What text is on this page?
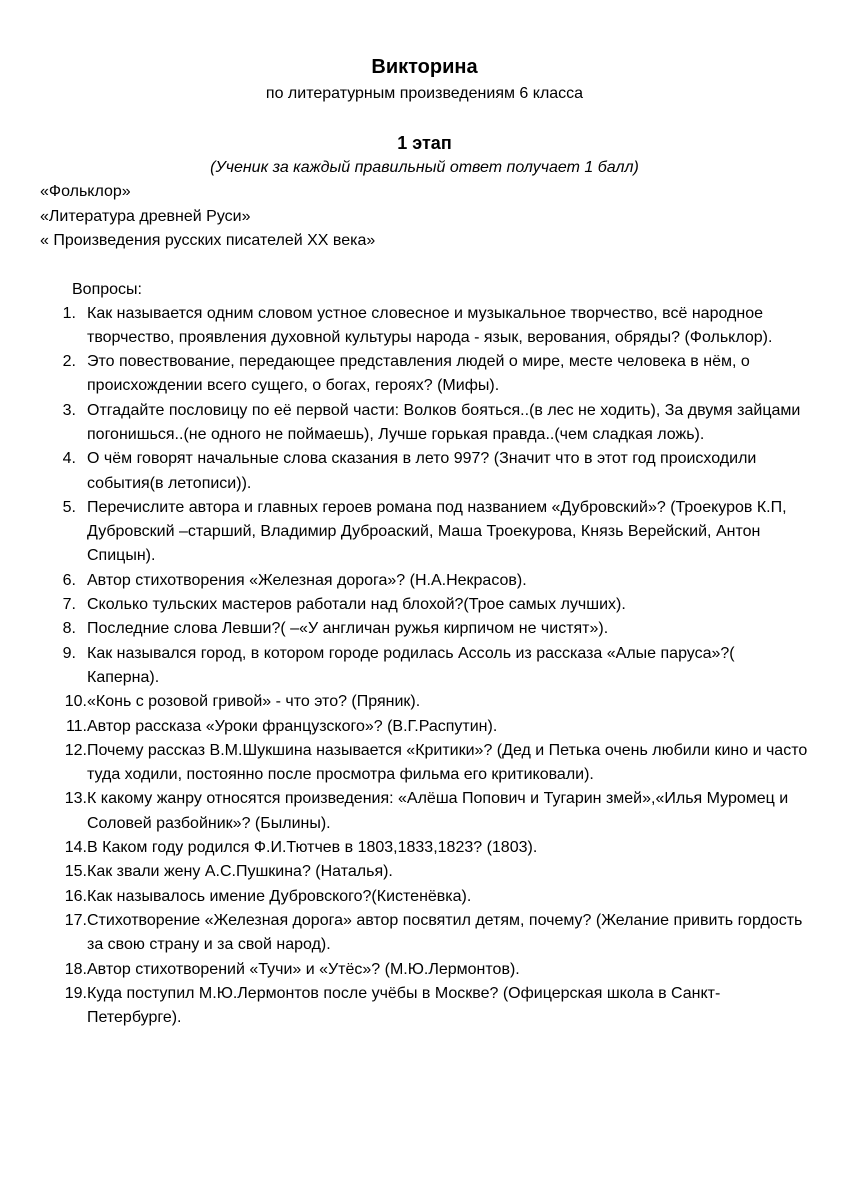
Викторина

по литературным произведениям 6 класса

1 этап

(Ученик за каждый правильный ответ получает 1 балл)

«Фольклор»
«Литература древней Руси»
« Произведения русских писателей XX века»

Вопросы:

1. Как называется одним словом устное словесное и музыкальное творчество, всё народное творчество, проявления духовной культуры народа - язык, верования, обряды? (Фольклор).
2. Это повествование, передающее представления людей о мире, месте человека в нём, о происхождении всего сущего, о богах, героях? (Мифы).
3. Отгадайте пословицу по её первой части: Волков бояться..(в лес не ходить), За двумя зайцами погонишься..(не одного не поймаешь), Лучше горькая правда..(чем сладкая ложь).
4. О чём говорят начальные слова сказания в лето 997? (Значит что в этот год происходили события(в летописи)).
5. Перечислите автора и главных героев романа под названием «Дубровский»? (Троекуров К.П, Дубровский –старший, Владимир Дуброаский, Маша Троекурова, Князь Верейский, Антон Спицын).
6. Автор стихотворения «Железная дорога»? (Н.А.Некрасов).
7. Сколько тульских мастеров работали над блохой?(Трое самых лучших).
8. Последние слова Левши?( –«У англичан ружья кирпичом не чистят»).
9. Как назывался город, в котором городе родилась Ассоль из рассказа «Алые паруса»?( Каперна).
10. «Конь с розовой гривой» - что это? (Пряник).
11. Автор рассказа «Уроки французского»? (В.Г.Распутин).
12. Почему рассказ В.М.Шукшина называется «Критики»? (Дед и Петька очень любили кино и часто туда ходили, постоянно после просмотра фильма его критиковали).
13. К какому жанру относятся произведения: «Алёша Попович и Тугарин змей»,«Илья Муромец и Соловей разбойник»? (Былины).
14. В Каком году родился Ф.И.Тютчев в 1803,1833,1823? (1803).
15. Как звали жену А.С.Пушкина? (Наталья).
16. Как называлось имение Дубровского?(Кистенёвка).
17. Стихотворение «Железная дорога» автор посвятил детям, почему? (Желание привить гордость за свою страну и за свой народ).
18. Автор стихотворений «Тучи» и «Утёс»? (М.Ю.Лермонтов).
19. Куда поступил М.Ю.Лермонтов после учёбы в Москве? (Офицерская школа в Санкт-Петербурге).
